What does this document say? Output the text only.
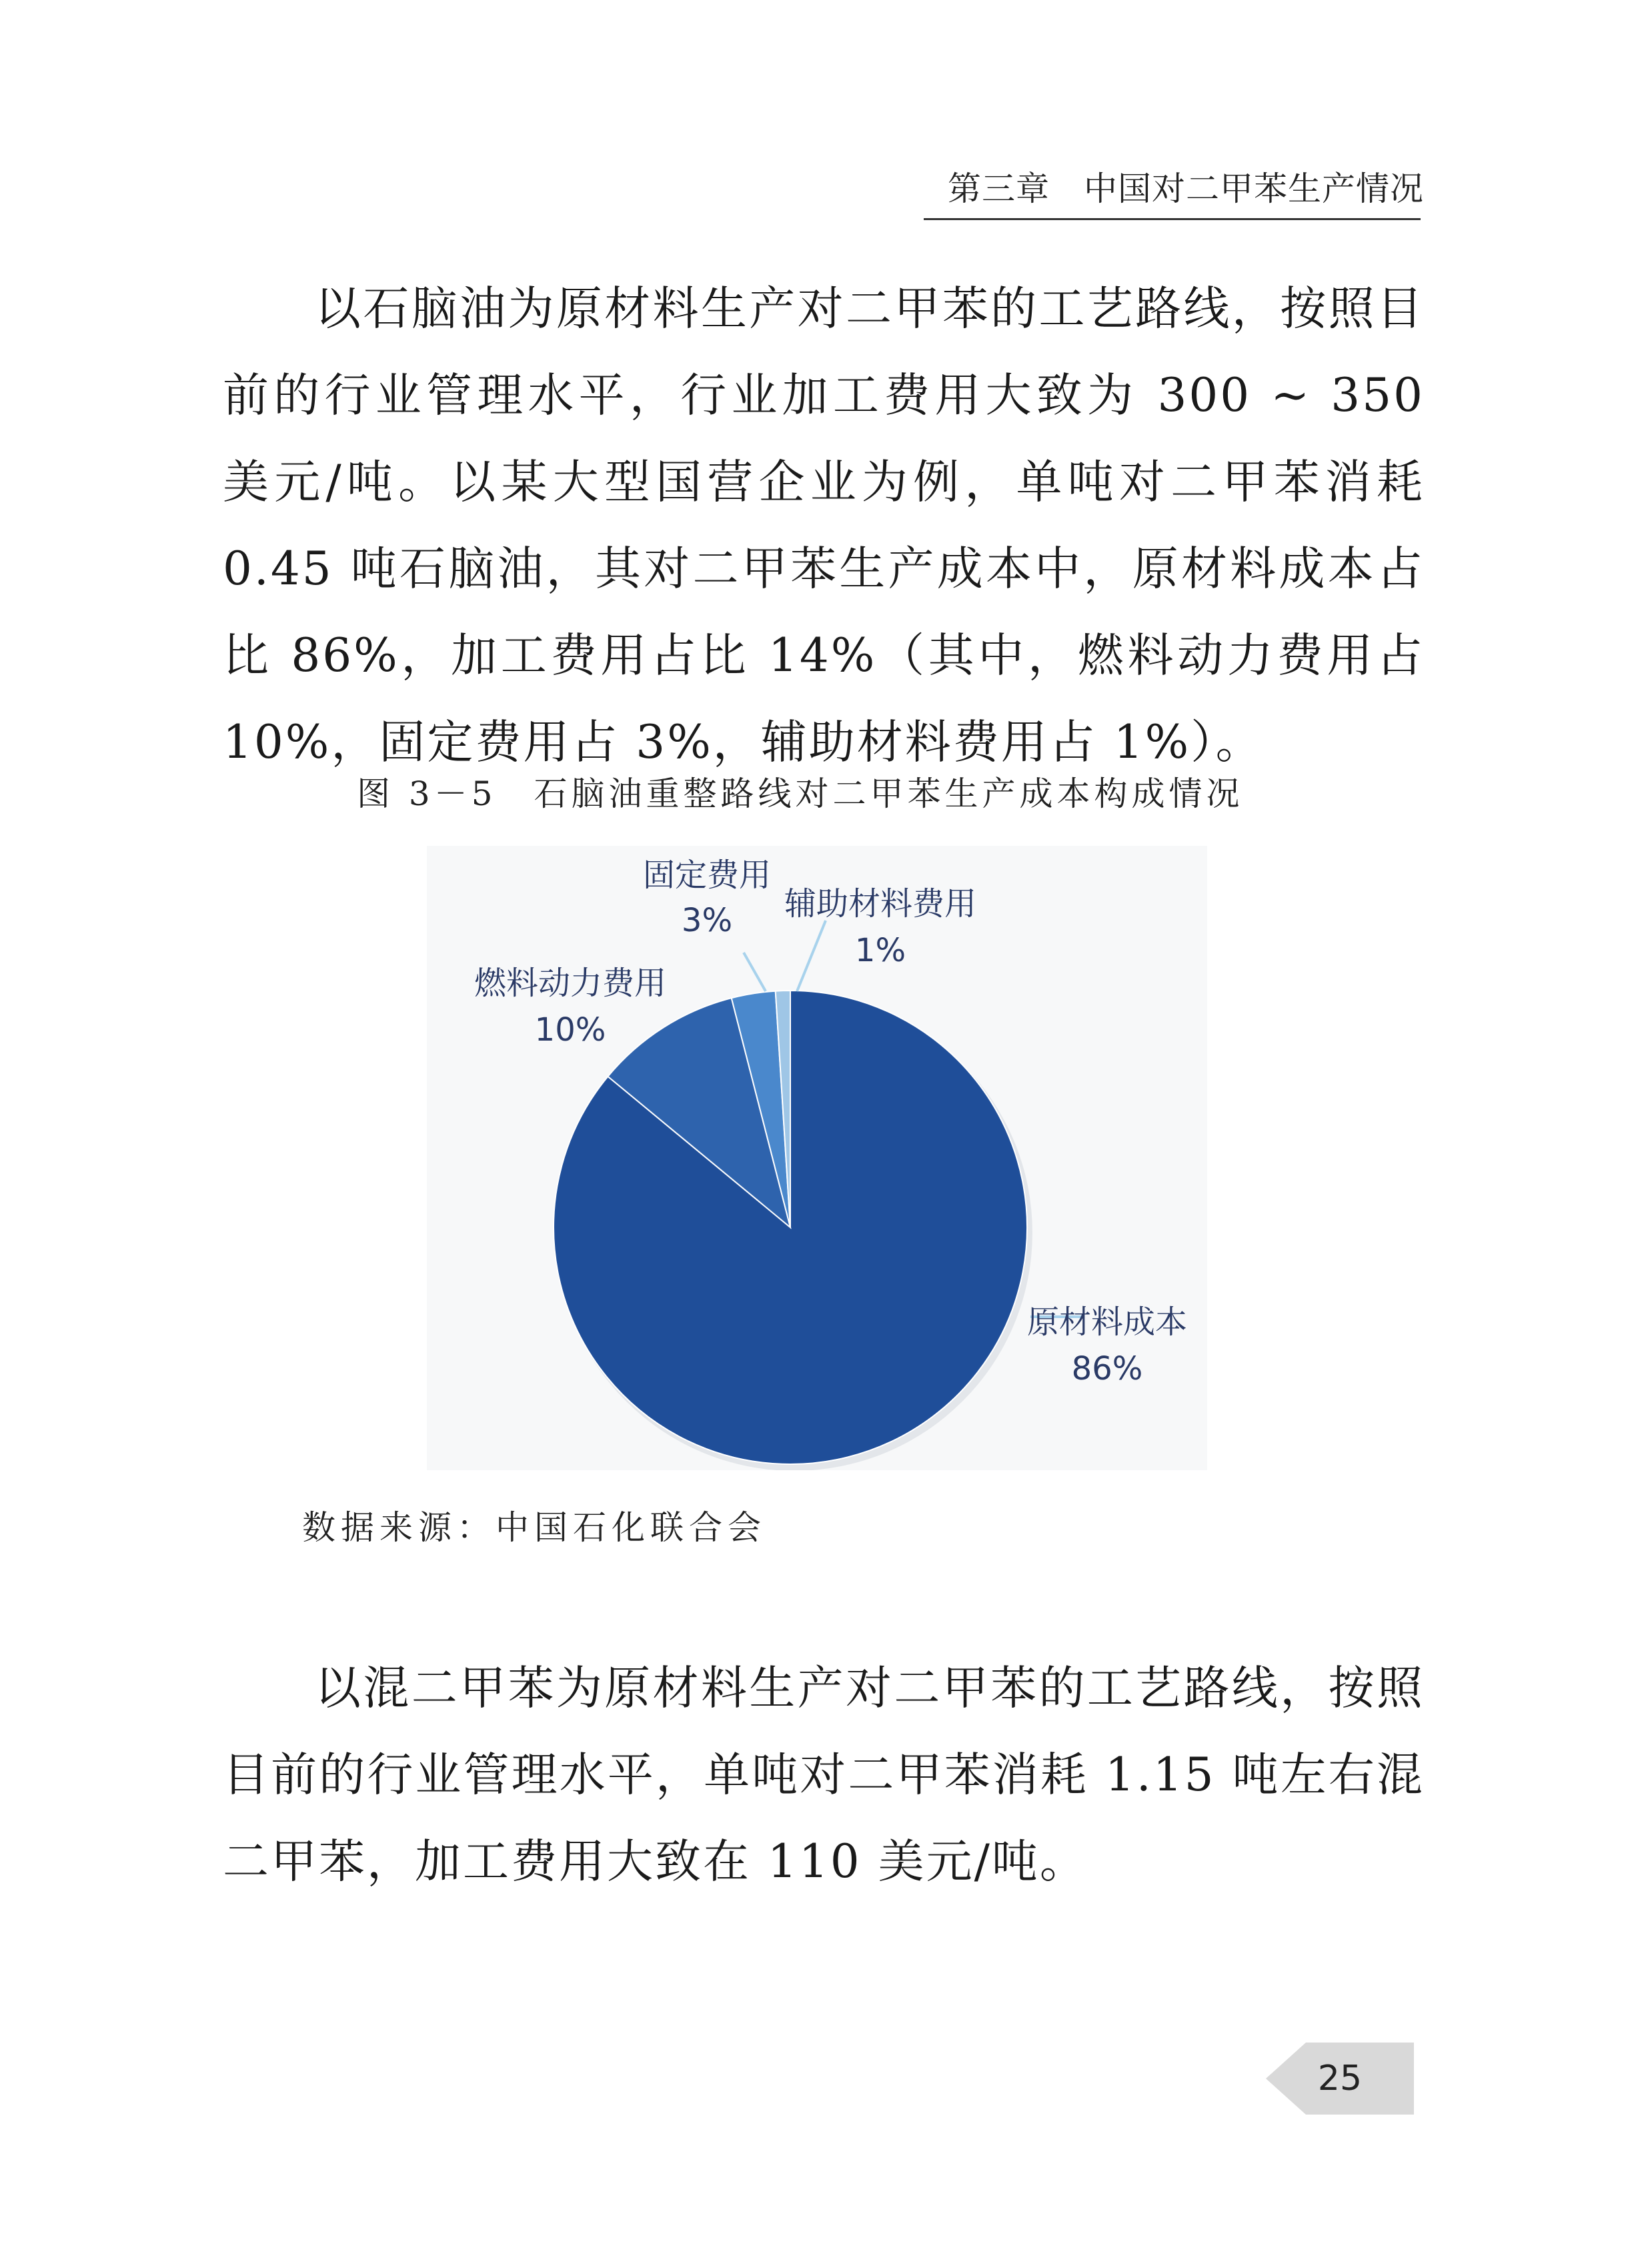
第三章　中国对二甲苯生产情况

以石脑油为原材料生产对二甲苯的工艺路线，按照目前的行业管理水平，行业加工费用大致为 300 ~ 350 美元/吨。以某大型国营企业为例，单吨对二甲苯消耗 0.45 吨石脑油，其对二甲苯生产成本中，原材料成本占比 86%，加工费用占比 14%（其中，燃料动力费用占 10%，固定费用占 3%，辅助材料费用占 1%）。

图 3－5　石脑油重整路线对二甲苯生产成本构成情况
原材料成本
86%
燃料动力费用
10%
固定费用
3% 辅助材料费用
1%
数据来源：中国石化联合会

以混二甲苯为原材料生产对二甲苯的工艺路线，按照目前的行业管理水平，单吨对二甲苯消耗 1.15 吨左右混二甲苯，加工费用大致在 110 美元/吨。

25
